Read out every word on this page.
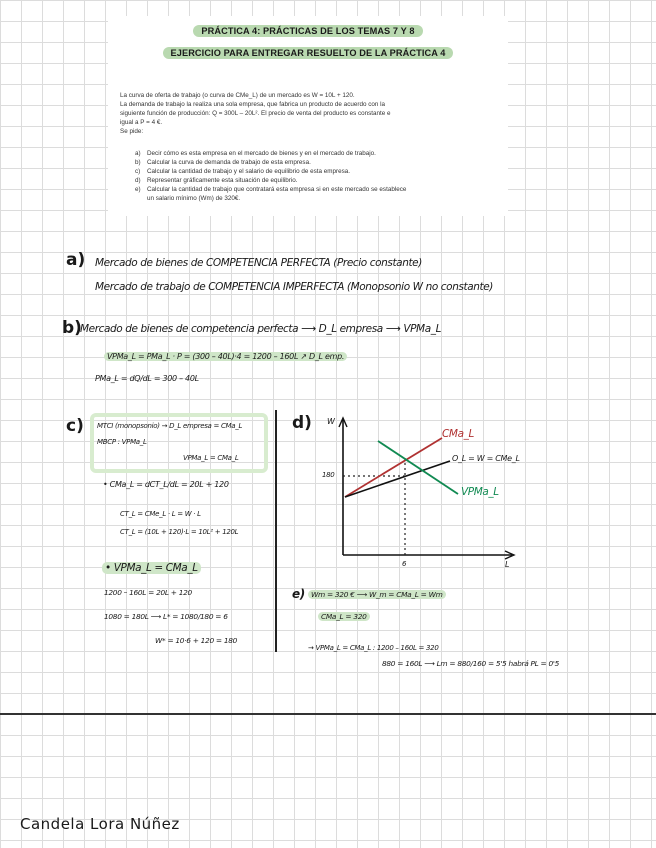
PRÁCTICA 4: PRÁCTICAS DE LOS TEMAS 7 Y 8
EJERCICIO PARA ENTREGAR RESUELTO DE LA PRÁCTICA 4
La curva de oferta de trabajo (o curva de CMe_L) de un mercado es W = 10L + 120.
La demanda de trabajo la realiza una sola empresa, que fabrica un producto de acuerdo con la
siguiente función de producción: Q = 300L – 20L². El precio de venta del producto es constante e
igual a P = 4 €.
Se pide:
a) Decir cómo es esta empresa en el mercado de bienes y en el mercado de trabajo.
b) Calcular la curva de demanda de trabajo de esta empresa.
c) Calcular la cantidad de trabajo y el salario de equilibrio de esta empresa.
d) Representar gráficamente esta situación de equilibrio.
e) Calcular la cantidad de trabajo que contratará esta empresa si en este mercado se establece
un salario mínimo (Wm) de 320€.
a) Mercado de bienes de COMPETENCIA PERFECTA (Precio constante)
Mercado de trabajo de COMPETENCIA IMPERFECTA (Monopsonio W no constante)
b)
Mercado de bienes de competencia perfecta ⟶ D_L empresa ⟶ VPMa_L
VPMa_L = PMa_L · P = (300 – 40L)·4 = 1200 – 160L ↗ D_L emp.
PMa_L = dQ/dL = 300 – 40L
c) MTCI (monopsonio) → D_L empresa = CMa_L
MBCP : VPMa_L
VPMa_L = CMa_L
• CMa_L = dCT_L/dL = 20L + 120
CT_L = CMe_L · L = W · L
CT_L = (10L + 120)·L = 10L² + 120L
• VPMa_L = CMa_L
1200 – 160L = 20L + 120
1080 = 180L ⟶ L* = 1080/180 = 6
W* = 10·6 + 120 = 180
d) W
L
180
6
CMa_L
O_L = W = CMe_L
VPMa_L
e) Wm = 320 € ⟶ W_m = CMa_L = Wm
CMa_L = 320
→ VPMa_L = CMa_L : 1200 – 160L = 320
880 = 160L ⟶ Lm = 880/160 = 5'5 habrá PL = 0'5
Candela Lora Núñez
